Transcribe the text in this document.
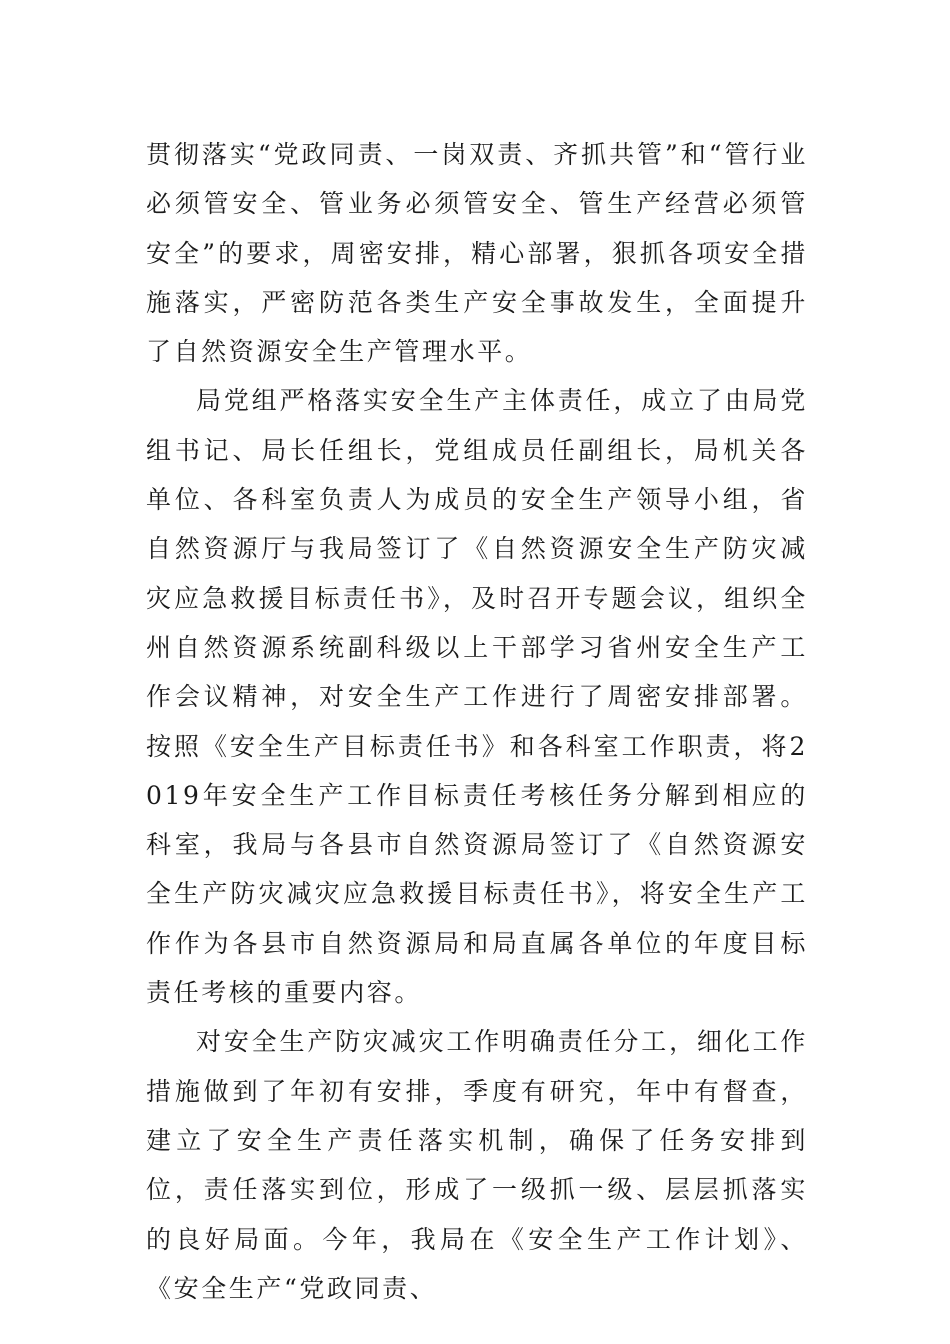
贯彻落实“党政同责、一岗双责、齐抓共管”和“管行业必须管安全、管业务必须管安全、管生产经营必须管安全”的要求，周密安排，精心部署，狠抓各项安全措施落实，严密防范各类生产安全事故发生，全面提升了自然资源安全生产管理水平。

局党组严格落实安全生产主体责任，成立了由局党组书记、局长任组长，党组成员任副组长，局机关各单位、各科室负责人为成员的安全生产领导小组，省自然资源厅与我局签订了《自然资源安全生产防灾减灾应急救援目标责任书》，及时召开专题会议，组织全州自然资源系统副科级以上干部学习省州安全生产工作会议精神，对安全生产工作进行了周密安排部署。按照《安全生产目标责任书》和各科室工作职责，将2019年安全生产工作目标责任考核任务分解到相应的科室，我局与各县市自然资源局签订了《自然资源安全生产防灾减灾应急救援目标责任书》，将安全生产工作作为各县市自然资源局和局直属各单位的年度目标责任考核的重要内容。

对安全生产防灾减灾工作明确责任分工，细化工作措施做到了年初有安排，季度有研究，年中有督查，建立了安全生产责任落实机制，确保了任务安排到位，责任落实到位，形成了一级抓一级、层层抓落实的良好局面。今年，我局在《安全生产工作计划》、《安全生产“党政同责、
